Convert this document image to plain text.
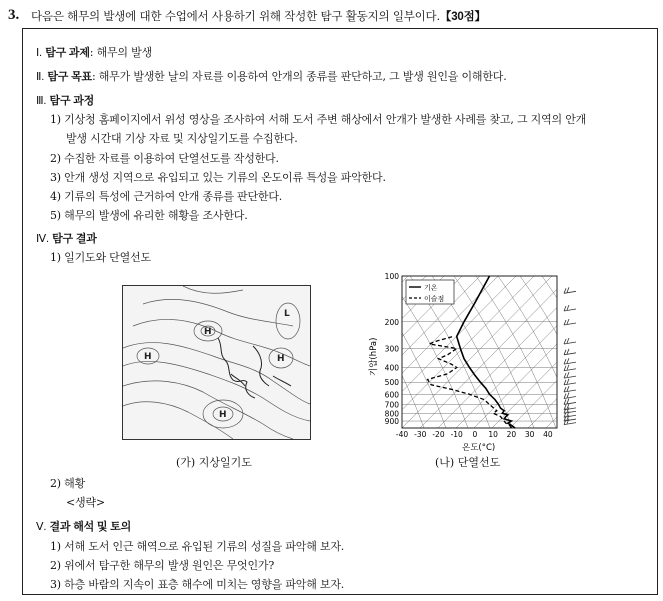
3. 다음은 해무의 발생에 대한 수업에서 사용하기 위해 작성한 탐구 활동지의 일부이다.【30점】
Ⅰ. 탐구 과제: 해무의 발생
Ⅱ. 탐구 목표: 해무가 발생한 날의 자료를 이용하여 안개의 종류를 판단하고, 그 발생 원인을 이해한다.
Ⅲ. 탐구 과정
1) 기상청 홈페이지에서 위성 영상을 조사하여 서해 도서 주변 해상에서 안개가 발생한 사례를 찾고, 그 지역의 안개
발생 시간대 기상 자료 및 지상일기도를 수집한다.
2) 수집한 자료를 이용하여 단열선도를 작성한다.
3) 안개 생성 지역으로 유입되고 있는 기류의 온도이류 특성을 파악한다.
4) 기류의 특성에 근거하여 안개 종류를 판단한다.
5) 해무의 발생에 유리한 해황을 조사한다.
Ⅳ. 탐구 결과
1) 일기도와 단열선도
H
H	H
L
H
(가) 지상일기도
100
200
300
400
500
600
700
800
900
-40 -30 -20 -10 0 10 20 30 40
기온
이슬점
기압(hPa)
온도(°C)
(나) 단열선도
2) 해황
<생략>
Ⅴ. 결과 해석 및 토의
1) 서해 도서 인근 해역으로 유입된 기류의 성질을 파악해 보자.
2) 위에서 탐구한 해무의 발생 원인은 무엇인가?
3) 하층 바람의 지속이 표층 해수에 미치는 영향을 파악해 보자.
